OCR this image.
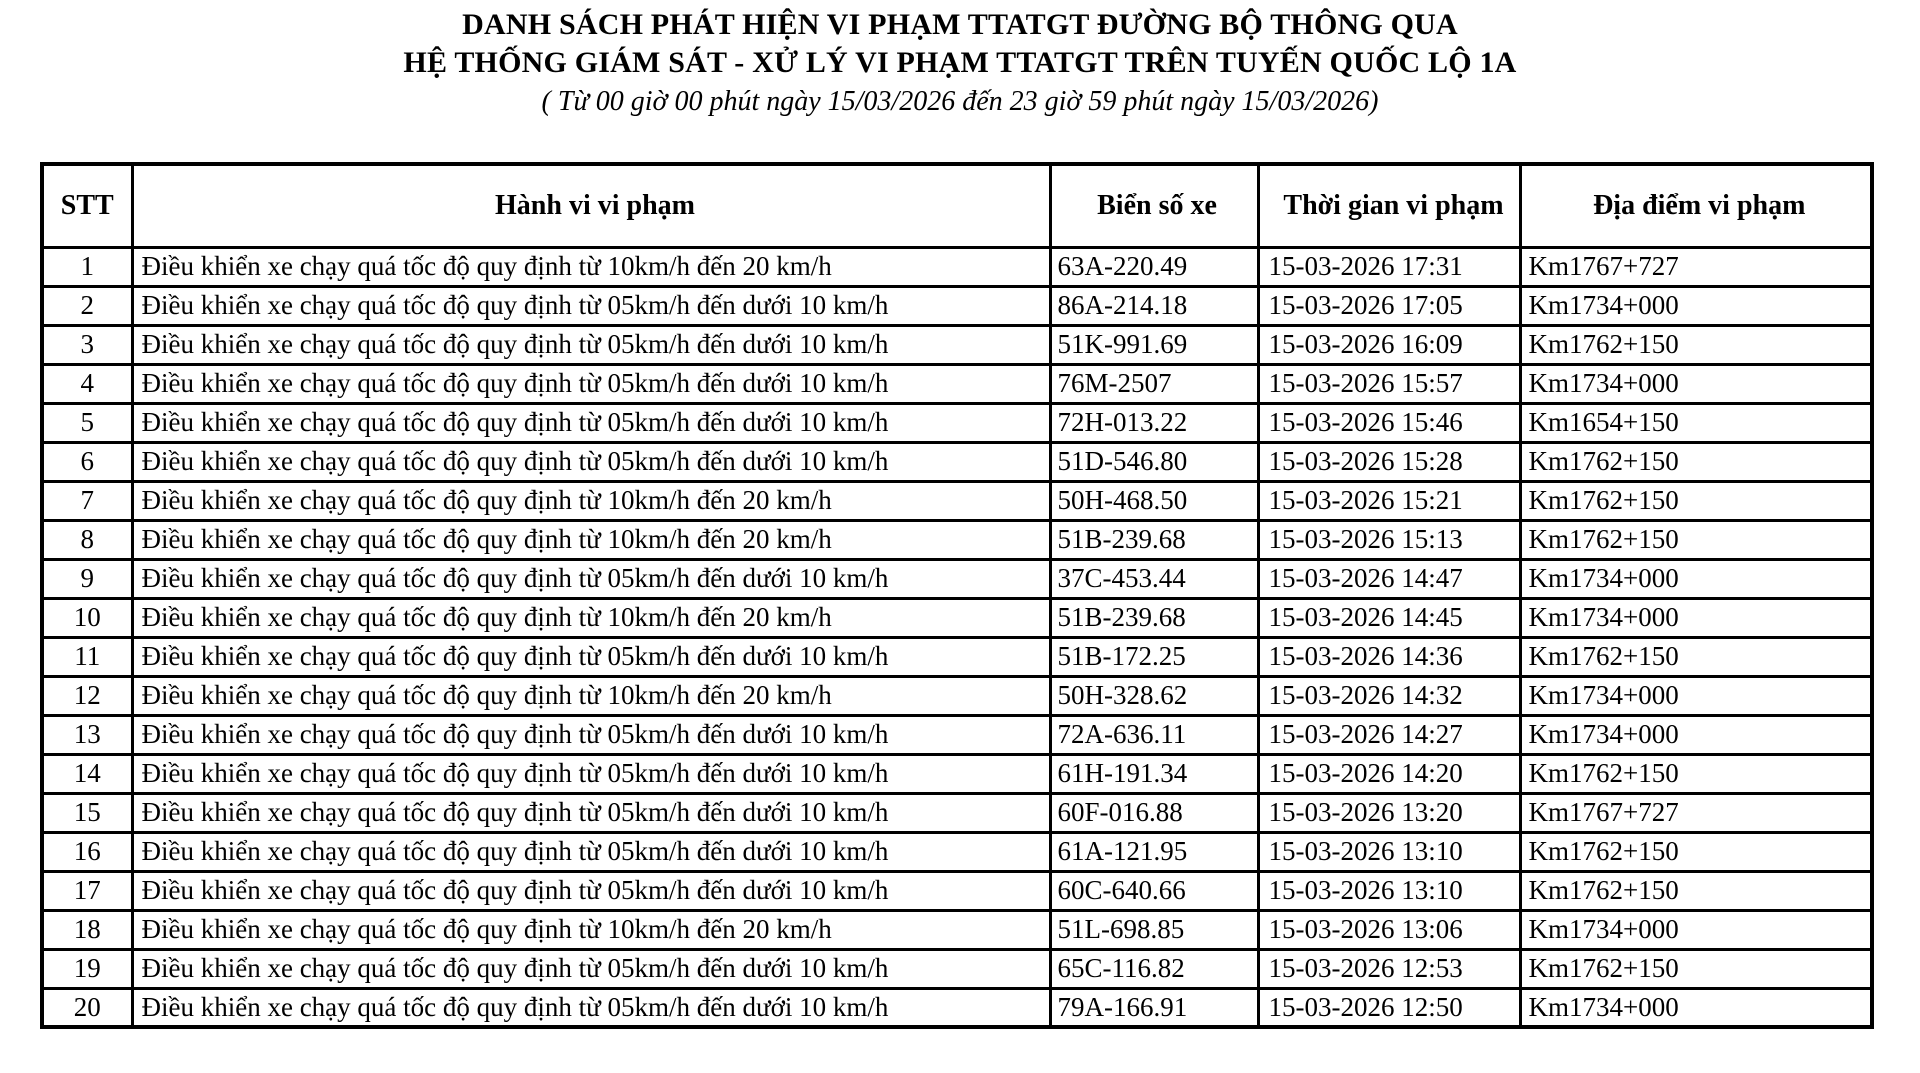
DANH SÁCH PHÁT HIỆN VI PHẠM TTATGT ĐƯỜNG BỘ THÔNG QUA
HỆ THỐNG GIÁM SÁT - XỬ LÝ VI PHẠM TTATGT TRÊN TUYẾN QUỐC LỘ 1A
( Từ 00 giờ 00 phút ngày 15/03/2026 đến 23 giờ 59 phút ngày 15/03/2026)
STT	Hành vi vi phạm	Biển số xe	Thời gian vi phạm	Địa điểm vi phạm
1	Điều khiển xe chạy quá tốc độ quy định từ 10km/h đến 20 km/h	63A-220.49	15-03-2026 17:31	Km1767+727
2	Điều khiển xe chạy quá tốc độ quy định từ 05km/h đến dưới 10 km/h	86A-214.18	15-03-2026 17:05	Km1734+000
3	Điều khiển xe chạy quá tốc độ quy định từ 05km/h đến dưới 10 km/h	51K-991.69	15-03-2026 16:09	Km1762+150
4	Điều khiển xe chạy quá tốc độ quy định từ 05km/h đến dưới 10 km/h	76M-2507	15-03-2026 15:57	Km1734+000
5	Điều khiển xe chạy quá tốc độ quy định từ 05km/h đến dưới 10 km/h	72H-013.22	15-03-2026 15:46	Km1654+150
6	Điều khiển xe chạy quá tốc độ quy định từ 05km/h đến dưới 10 km/h	51D-546.80	15-03-2026 15:28	Km1762+150
7	Điều khiển xe chạy quá tốc độ quy định từ 10km/h đến 20 km/h	50H-468.50	15-03-2026 15:21	Km1762+150
8	Điều khiển xe chạy quá tốc độ quy định từ 10km/h đến 20 km/h	51B-239.68	15-03-2026 15:13	Km1762+150
9	Điều khiển xe chạy quá tốc độ quy định từ 05km/h đến dưới 10 km/h	37C-453.44	15-03-2026 14:47	Km1734+000
10	Điều khiển xe chạy quá tốc độ quy định từ 10km/h đến 20 km/h	51B-239.68	15-03-2026 14:45	Km1734+000
11	Điều khiển xe chạy quá tốc độ quy định từ 05km/h đến dưới 10 km/h	51B-172.25	15-03-2026 14:36	Km1762+150
12	Điều khiển xe chạy quá tốc độ quy định từ 10km/h đến 20 km/h	50H-328.62	15-03-2026 14:32	Km1734+000
13	Điều khiển xe chạy quá tốc độ quy định từ 05km/h đến dưới 10 km/h	72A-636.11	15-03-2026 14:27	Km1734+000
14	Điều khiển xe chạy quá tốc độ quy định từ 05km/h đến dưới 10 km/h	61H-191.34	15-03-2026 14:20	Km1762+150
15	Điều khiển xe chạy quá tốc độ quy định từ 05km/h đến dưới 10 km/h	60F-016.88	15-03-2026 13:20	Km1767+727
16	Điều khiển xe chạy quá tốc độ quy định từ 05km/h đến dưới 10 km/h	61A-121.95	15-03-2026 13:10	Km1762+150
17	Điều khiển xe chạy quá tốc độ quy định từ 05km/h đến dưới 10 km/h	60C-640.66	15-03-2026 13:10	Km1762+150
18	Điều khiển xe chạy quá tốc độ quy định từ 10km/h đến 20 km/h	51L-698.85	15-03-2026 13:06	Km1734+000
19	Điều khiển xe chạy quá tốc độ quy định từ 05km/h đến dưới 10 km/h	65C-116.82	15-03-2026 12:53	Km1762+150
20	Điều khiển xe chạy quá tốc độ quy định từ 05km/h đến dưới 10 km/h	79A-166.91	15-03-2026 12:50	Km1734+000
